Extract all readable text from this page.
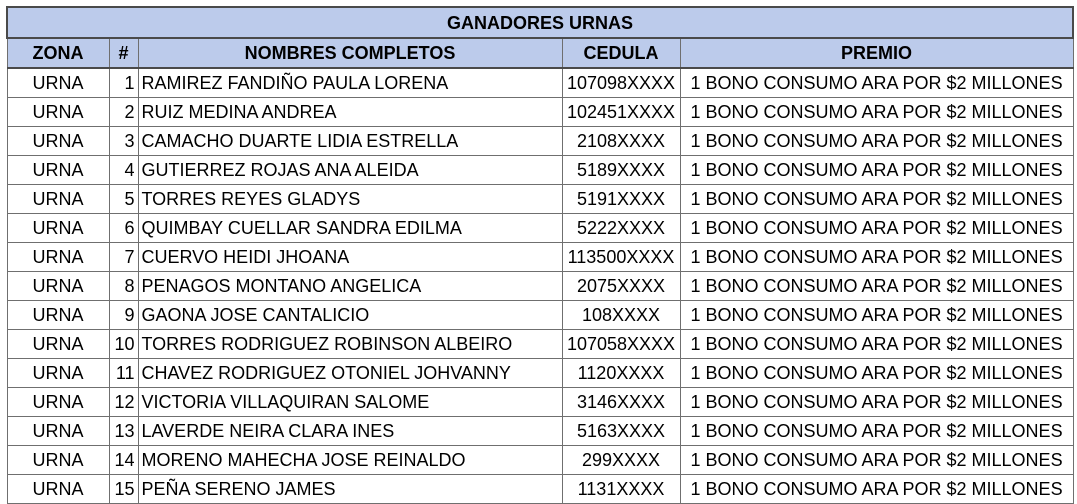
GANADORES URNAS				
ZONA	#	NOMBRES COMPLETOS	CEDULA	PREMIO
URNA	1	RAMIREZ FANDIÑO PAULA LORENA	107098XXXX	1 BONO CONSUMO ARA POR $2 MILLONES
URNA	2	RUIZ MEDINA ANDREA	102451XXXX	1 BONO CONSUMO ARA POR $2 MILLONES
URNA	3	CAMACHO DUARTE LIDIA ESTRELLA	2108XXXX	1 BONO CONSUMO ARA POR $2 MILLONES
URNA	4	GUTIERREZ ROJAS ANA ALEIDA	5189XXXX	1 BONO CONSUMO ARA POR $2 MILLONES
URNA	5	TORRES REYES GLADYS	5191XXXX	1 BONO CONSUMO ARA POR $2 MILLONES
URNA	6	QUIMBAY CUELLAR SANDRA EDILMA	5222XXXX	1 BONO CONSUMO ARA POR $2 MILLONES
URNA	7	CUERVO HEIDI JHOANA	113500XXXX	1 BONO CONSUMO ARA POR $2 MILLONES
URNA	8	PENAGOS MONTANO ANGELICA	2075XXXX	1 BONO CONSUMO ARA POR $2 MILLONES
URNA	9	GAONA JOSE CANTALICIO	108XXXX	1 BONO CONSUMO ARA POR $2 MILLONES
URNA	10	TORRES RODRIGUEZ ROBINSON ALBEIRO	107058XXXX	1 BONO CONSUMO ARA POR $2 MILLONES
URNA	11	CHAVEZ RODRIGUEZ OTONIEL JOHVANNY	1120XXXX	1 BONO CONSUMO ARA POR $2 MILLONES
URNA	12	VICTORIA VILLAQUIRAN SALOME	3146XXXX	1 BONO CONSUMO ARA POR $2 MILLONES
URNA	13	LAVERDE NEIRA CLARA INES	5163XXXX	1 BONO CONSUMO ARA POR $2 MILLONES
URNA	14	MORENO MAHECHA JOSE REINALDO	299XXXX	1 BONO CONSUMO ARA POR $2 MILLONES
URNA	15	PEÑA SERENO JAMES	1131XXXX	1 BONO CONSUMO ARA POR $2 MILLONES
